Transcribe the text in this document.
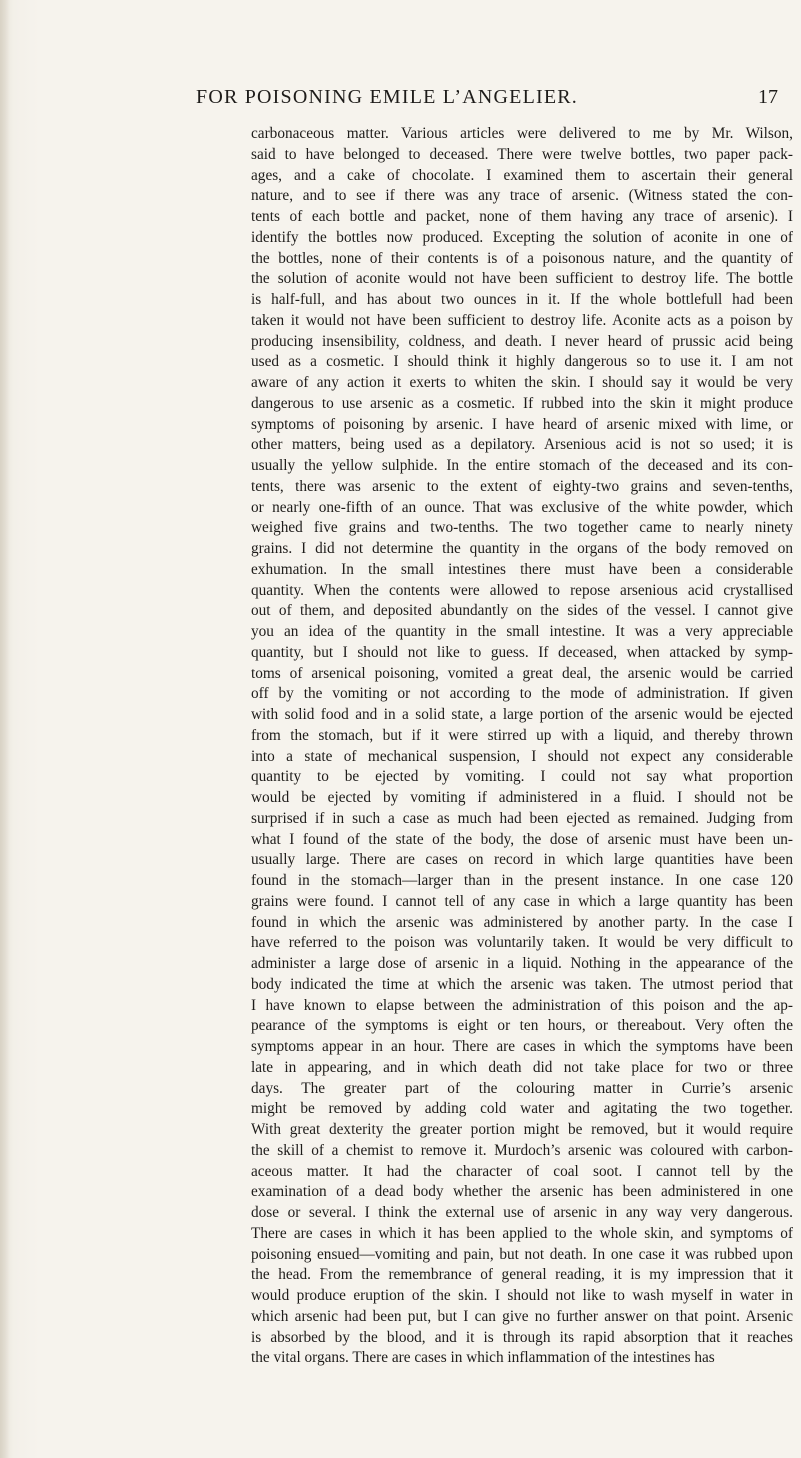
FOR POISONING EMILE L’ANGELIER.	17
carbonaceous matter. Various articles were delivered to me by Mr. Wilson,
said to have belonged to deceased. There were twelve bottles, two paper pack-
ages, and a cake of chocolate. I examined them to ascertain their general
nature, and to see if there was any trace of arsenic. (Witness stated the con-
tents of each bottle and packet, none of them having any trace of arsenic). I
identify the bottles now produced. Excepting the solution of aconite in one of
the bottles, none of their contents is of a poisonous nature, and the quantity of
the solution of aconite would not have been sufficient to destroy life. The bottle
is half-full, and has about two ounces in it. If the whole bottlefull had been
taken it would not have been sufficient to destroy life. Aconite acts as a poison by
producing insensibility, coldness, and death. I never heard of prussic acid being
used as a cosmetic. I should think it highly dangerous so to use it. I am not
aware of any action it exerts to whiten the skin. I should say it would be very
dangerous to use arsenic as a cosmetic. If rubbed into the skin it might produce
symptoms of poisoning by arsenic. I have heard of arsenic mixed with lime, or
other matters, being used as a depilatory. Arsenious acid is not so used; it is
usually the yellow sulphide. In the entire stomach of the deceased and its con-
tents, there was arsenic to the extent of eighty-two grains and seven-tenths,
or nearly one-fifth of an ounce. That was exclusive of the white powder, which
weighed five grains and two-tenths. The two together came to nearly ninety
grains. I did not determine the quantity in the organs of the body removed on
exhumation. In the small intestines there must have been a considerable
quantity. When the contents were allowed to repose arsenious acid crystallised
out of them, and deposited abundantly on the sides of the vessel. I cannot give
you an idea of the quantity in the small intestine. It was a very appreciable
quantity, but I should not like to guess. If deceased, when attacked by symp-
toms of arsenical poisoning, vomited a great deal, the arsenic would be carried
off by the vomiting or not according to the mode of administration. If given
with solid food and in a solid state, a large portion of the arsenic would be ejected
from the stomach, but if it were stirred up with a liquid, and thereby thrown
into a state of mechanical suspension, I should not expect any considerable
quantity to be ejected by vomiting. I could not say what proportion
would be ejected by vomiting if administered in a fluid. I should not be
surprised if in such a case as much had been ejected as remained. Judging from
what I found of the state of the body, the dose of arsenic must have been un-
usually large. There are cases on record in which large quantities have been
found in the stomach—larger than in the present instance. In one case 120
grains were found. I cannot tell of any case in which a large quantity has been
found in which the arsenic was administered by another party. In the case I
have referred to the poison was voluntarily taken. It would be very difficult to
administer a large dose of arsenic in a liquid. Nothing in the appearance of the
body indicated the time at which the arsenic was taken. The utmost period that
I have known to elapse between the administration of this poison and the ap-
pearance of the symptoms is eight or ten hours, or thereabout. Very often the
symptoms appear in an hour. There are cases in which the symptoms have been
late in appearing, and in which death did not take place for two or three
days. The greater part of the colouring matter in Currie’s arsenic
might be removed by adding cold water and agitating the two together.
With great dexterity the greater portion might be removed, but it would require
the skill of a chemist to remove it. Murdoch’s arsenic was coloured with carbon-
aceous matter. It had the character of coal soot. I cannot tell by the
examination of a dead body whether the arsenic has been administered in one
dose or several. I think the external use of arsenic in any way very dangerous.
There are cases in which it has been applied to the whole skin, and symptoms of
poisoning ensued—vomiting and pain, but not death. In one case it was rubbed upon
the head. From the remembrance of general reading, it is my impression that it
would produce eruption of the skin. I should not like to wash myself in water in
which arsenic had been put, but I can give no further answer on that point. Arsenic
is absorbed by the blood, and it is through its rapid absorption that it reaches
the vital organs. There are cases in which inflammation of the intestines has
